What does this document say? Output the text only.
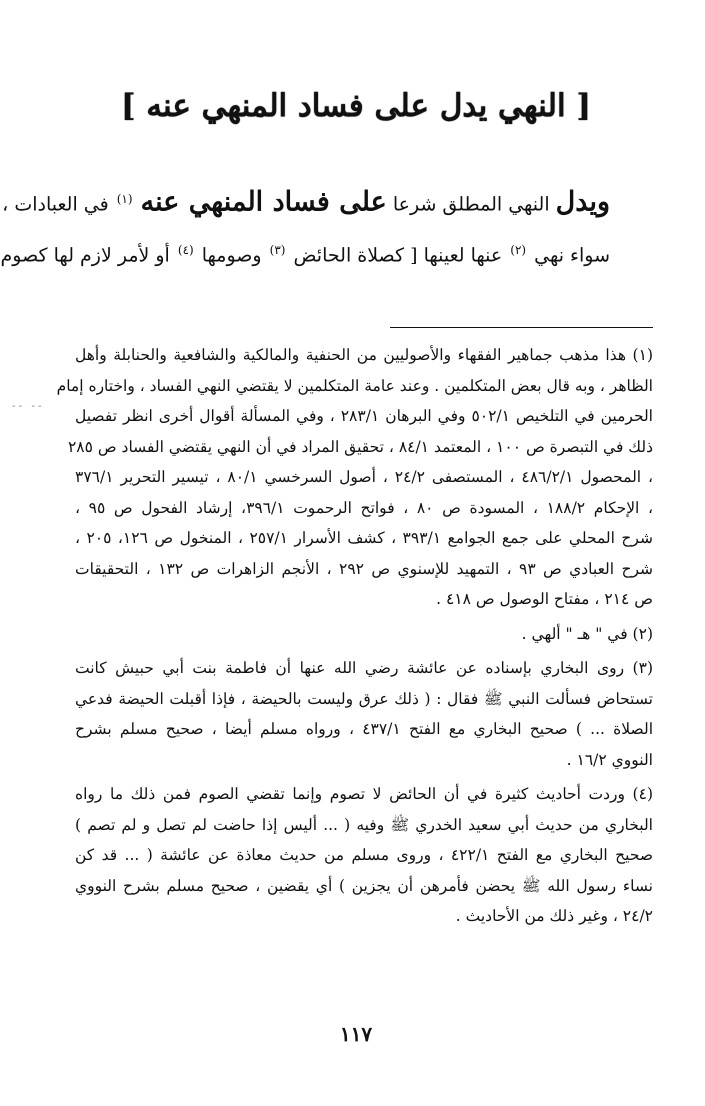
[ النهي يدل على فساد المنهي عنه ]
ويدل النهي المطلق شرعا على فساد المنهي عنه $^{(١)}$ في العبادات ،
سواء نهي $^{(٢)}$ عنها لعينها [ كصلاة الحائض $^{(٣)}$ وصومها $^{(٤)}$ أو لأمر لازم لها كصوم
-- --
(١) هذا مذهب جماهير الفقهاء والأصوليين من الحنفية والمالكية والشافعية والحنابلة وأهل
الظاهر ، وبه قال بعض المتكلمين . وعند عامة المتكلمين لا يقتضي النهي الفساد ، واختاره إمام
الحرمين في التلخيص ٥٠٢/١ وفي البرهان ٢٨٣/١ ، وفي المسألة أقوال أخرى انظر تفصيل
ذلك في التبصرة ص ١٠٠ ، المعتمد ٨٤/١ ، تحقيق المراد في أن النهي يقتضي الفساد ص ٢٨٥
، المحصول ٤٨٦/٢/١ ، المستصفى ٢٤/٢ ، أصول السرخسي ٨٠/١ ، تيسير التحرير ٣٧٦/١
، الإحكام ١٨٨/٢ ، المسودة ص ٨٠ ، فواتح الرحموت ٣٩٦/١، إرشاد الفحول ص ٩٥ ،
شرح المحلي على جمع الجوامع ٣٩٣/١ ، كشف الأسرار ٢٥٧/١ ، المنخول ص ١٢٦، ٢٠٥ ،
شرح العبادي ص ٩٣ ، التمهيد للإسنوي ص ٢٩٢ ، الأنجم الزاهرات ص ١٣٢ ، التحقيقات
ص ٢١٤ ، مفتاح الوصول ص ٤١٨ .
(٢) في " هـ " ألهي .
(٣) روى البخاري بإسناده عن عائشة رضي الله عنها أن فاطمة بنت أبي حبيش كانت
تستحاض فسألت النبي ﷺ فقال : ( ذلك عرق وليست بالحيضة ، فإذا أقبلت الحيضة فدعي
الصلاة ... ) صحيح البخاري مع الفتح ٤٣٧/١ ، ورواه مسلم أيضا ، صحيح مسلم بشرح
النووي ١٦/٢ .
(٤) وردت أحاديث كثيرة في أن الحائض لا تصوم وإنما تقضي الصوم فمن ذلك ما رواه
البخاري من حديث أبي سعيد الخدري ﷺ وفيه ( ... أليس إذا حاضت لم تصل و لم تصم )
صحيح البخاري مع الفتح ٤٢٢/١ ، وروى مسلم من حديث معاذة عن عائشة ( ... قد كن
نساء رسول الله ﷺ يحضن فأمرهن أن يجزين ) أي يقضين ، صحيح مسلم بشرح النووي
٢٤/٢ ، وغير ذلك من الأحاديث .
١١٧
